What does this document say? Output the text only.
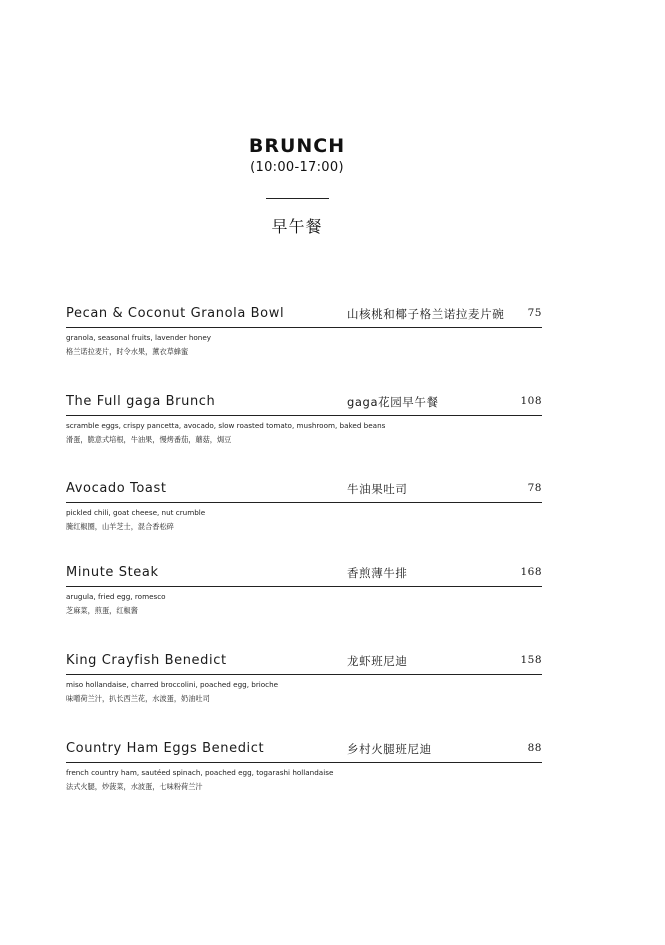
BRUNCH
(10:00-17:00)
早午餐
Pecan & Coconut Granola Bowl	山核桃和椰子格兰诺拉麦片碗 75
granola, seasonal fruits, lavender honey
格兰诺拉麦片，时令水果，薰衣草蜂蜜
The Full gaga Brunch	gaga花园早午餐	108
scramble eggs, crispy pancetta, avocado, slow roasted tomato, mushroom, baked beans
滑蛋，脆意式培根，牛油果，慢烤番茄，蘑菇，焗豆
Avocado Toast	牛油果吐司	78
pickled chili, goat cheese, nut crumble
腌红椒圈，山羊芝士，混合香松碎
Minute Steak	香煎薄牛排	168
arugula, fried egg, romesco
芝麻菜，煎蛋，红椒酱
King Crayfish Benedict	龙虾班尼迪	158
miso hollandaise, charred broccolini, poached egg, brioche
味噌荷兰汁，扒长西兰花，水波蛋，奶油吐司
Country Ham Eggs Benedict	乡村火腿班尼迪	88
french country ham, sautéed spinach, poached egg, togarashi hollandaise
法式火腿，炒菠菜，水波蛋，七味粉荷兰汁
